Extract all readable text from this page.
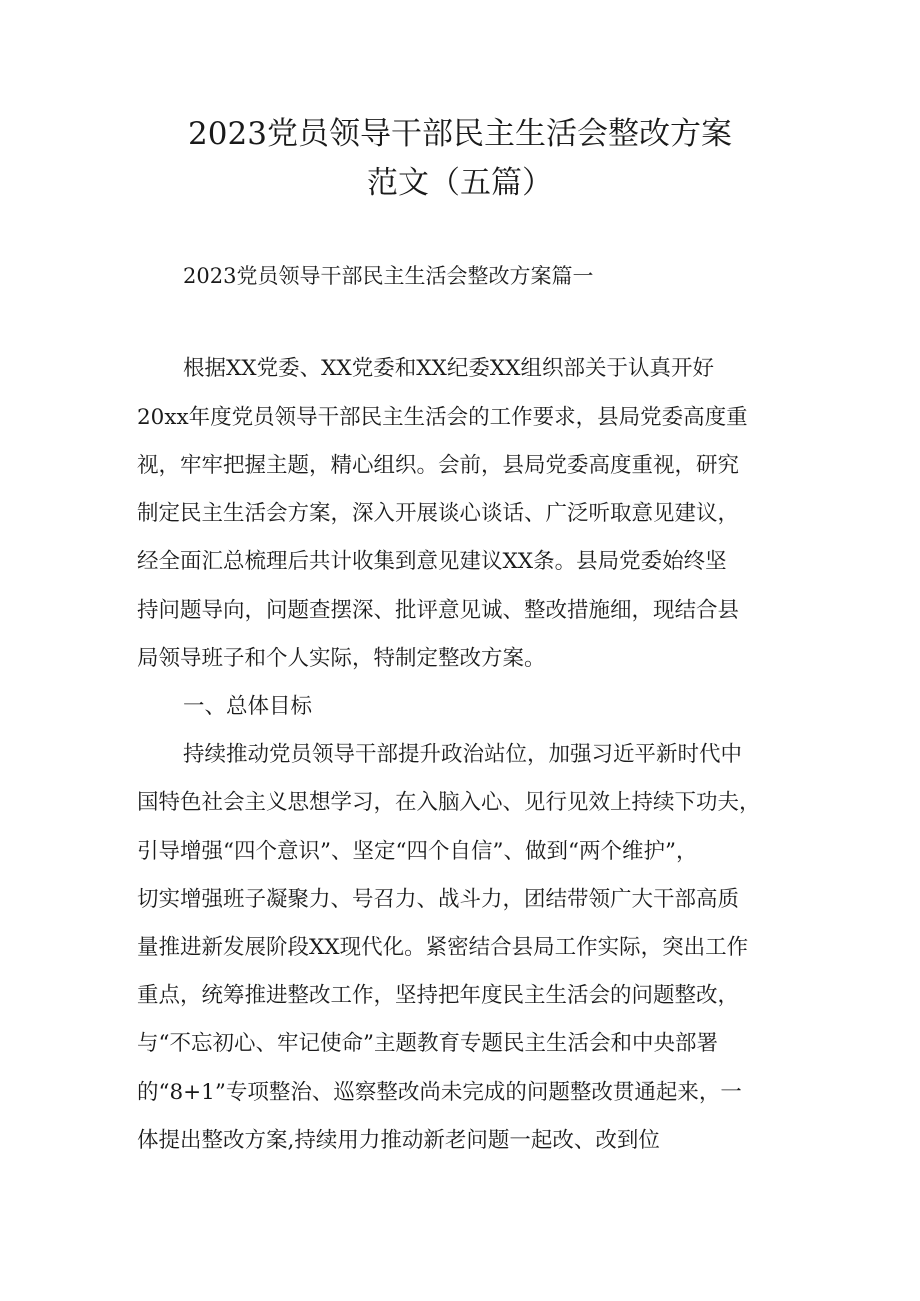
2023党员领导干部民主生活会整改方案
范文（五篇）
2023党员领导干部民主生活会整改方案篇一
根据XX党委、XX党委和XX纪委XX组织部关于认真开好
20xx年度党员领导干部民主生活会的工作要求，县局党委高度重
视，牢牢把握主题，精心组织。会前，县局党委高度重视，研究
制定民主生活会方案，深入开展谈心谈话、广泛听取意见建议，
经全面汇总梳理后共计收集到意见建议XX条。县局党委始终坚
持问题导向，问题查摆深、批评意见诚、整改措施细，现结合县
局领导班子和个人实际，特制定整改方案。
一、总体目标
持续推动党员领导干部提升政治站位，加强习近平新时代中
国特色社会主义思想学习，在入脑入心、见行见效上持续下功夫，
引导增强“四个意识”、坚定“四个自信”、做到“两个维护”，
切实增强班子凝聚力、号召力、战斗力，团结带领广大干部高质
量推进新发展阶段XX现代化。紧密结合县局工作实际，突出工作
重点，统筹推进整改工作，坚持把年度民主生活会的问题整改，
与“不忘初心、牢记使命”主题教育专题民主生活会和中央部署
的“8+1”专项整治、巡察整改尚未完成的问题整改贯通起来，一
体提出整改方案,持续用力推动新老问题一起改、改到位
